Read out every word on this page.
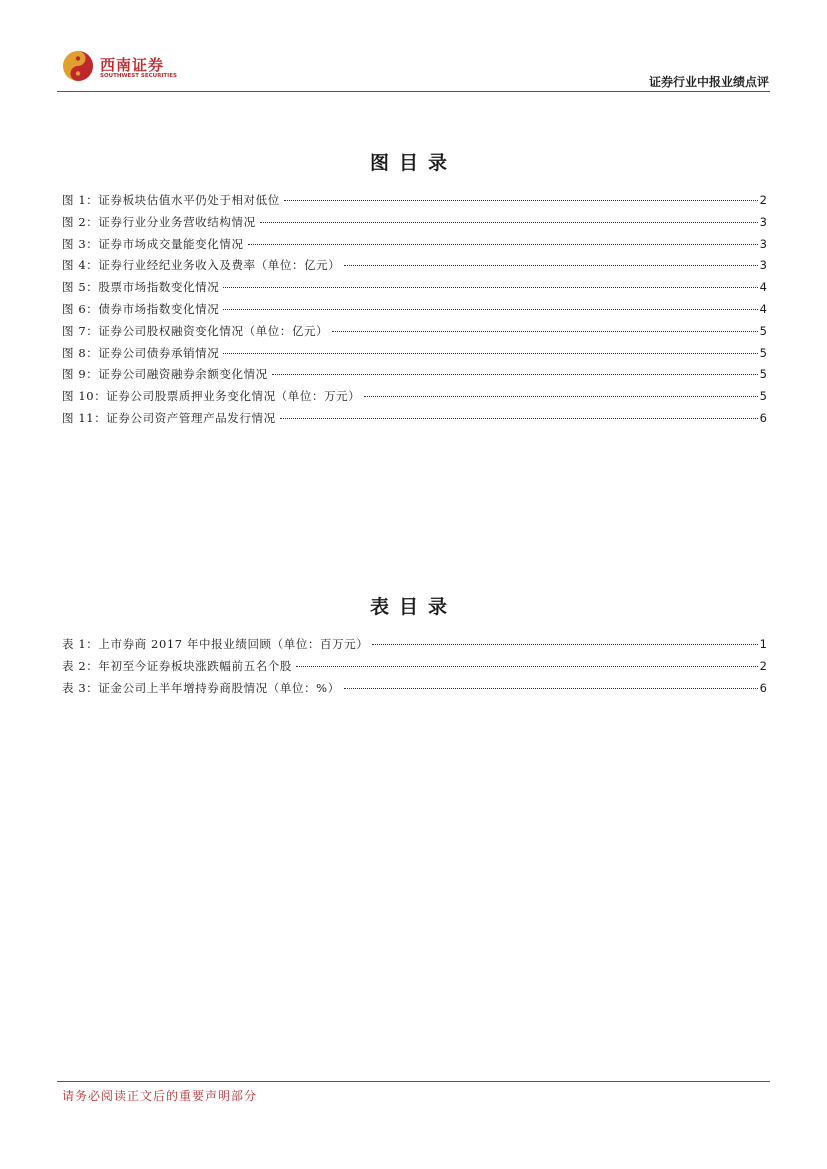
西南证券
SOUTHWEST SECURITIES	证券行业中报业绩点评
图目录
图 1：证券板块估值水平仍处于相对低位	2
图 2：证券行业分业务营收结构情况	3
图 3：证券市场成交量能变化情况	3
图 4：证券行业经纪业务收入及费率（单位：亿元）	3
图 5：股票市场指数变化情况	4
图 6：债券市场指数变化情况	4
图 7：证券公司股权融资变化情况（单位：亿元）	5
图 8：证券公司债券承销情况	5
图 9：证券公司融资融券余额变化情况	5
图 10：证券公司股票质押业务变化情况（单位：万元）	5
图 11：证券公司资产管理产品发行情况	6
表目录
表 1：上市券商 2017 年中报业绩回顾（单位：百万元）	1
表 2：年初至今证券板块涨跌幅前五名个股	2
表 3：证金公司上半年增持券商股情况（单位：%）	6
请务必阅读正文后的重要声明部分
